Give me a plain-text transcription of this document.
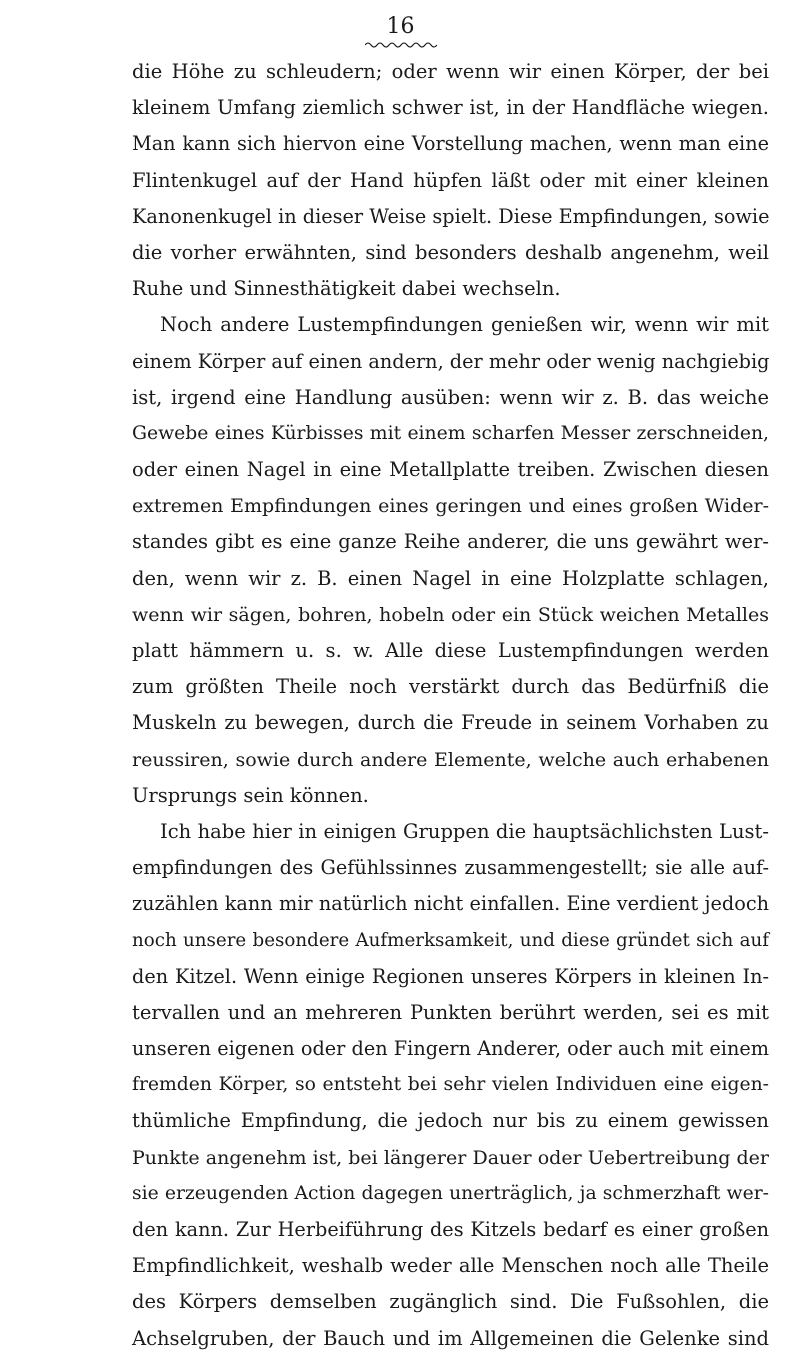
16

die Höhe zu schleudern; oder wenn wir einen Körper, der bei

kleinem Umfang ziemlich schwer ist, in der Handfläche wiegen.

Man kann sich hiervon eine Vorstellung machen, wenn man eine

Flintenkugel auf der Hand hüpfen läßt oder mit einer kleinen

Kanonenkugel in dieser Weise spielt. Diese Empfindungen, sowie

die vorher erwähnten, sind besonders deshalb angenehm, weil

Ruhe und Sinnesthätigkeit dabei wechseln.

Noch andere Lustempfindungen genießen wir, wenn wir mit

einem Körper auf einen andern, der mehr oder wenig nachgiebig

ist, irgend eine Handlung ausüben: wenn wir z. B. das weiche

Gewebe eines Kürbisses mit einem scharfen Messer zerschneiden,

oder einen Nagel in eine Metallplatte treiben. Zwischen diesen

extremen Empfindungen eines geringen und eines großen Wider-

standes gibt es eine ganze Reihe anderer, die uns gewährt wer-

den, wenn wir z. B. einen Nagel in eine Holzplatte schlagen,

wenn wir sägen, bohren, hobeln oder ein Stück weichen Metalles

platt hämmern u. s. w. Alle diese Lustempfindungen werden

zum größten Theile noch verstärkt durch das Bedürfniß die

Muskeln zu bewegen, durch die Freude in seinem Vorhaben zu

reussiren, sowie durch andere Elemente, welche auch erhabenen

Ursprungs sein können.

Ich habe hier in einigen Gruppen die hauptsächlichsten Lust-

empfindungen des Gefühlssinnes zusammengestellt; sie alle auf-

zuzählen kann mir natürlich nicht einfallen. Eine verdient jedoch

noch unsere besondere Aufmerksamkeit, und diese gründet sich auf

den Kitzel. Wenn einige Regionen unseres Körpers in kleinen In-

tervallen und an mehreren Punkten berührt werden, sei es mit

unseren eigenen oder den Fingern Anderer, oder auch mit einem

fremden Körper, so entsteht bei sehr vielen Individuen eine eigen-

thümliche Empfindung, die jedoch nur bis zu einem gewissen

Punkte angenehm ist, bei längerer Dauer oder Uebertreibung der

sie erzeugenden Action dagegen unerträglich, ja schmerzhaft wer-

den kann. Zur Herbeiführung des Kitzels bedarf es einer großen

Empfindlichkeit, weshalb weder alle Menschen noch alle Theile

des Körpers demselben zugänglich sind. Die Fußsohlen, die

Achselgruben, der Bauch und im Allgemeinen die Gelenke sind
